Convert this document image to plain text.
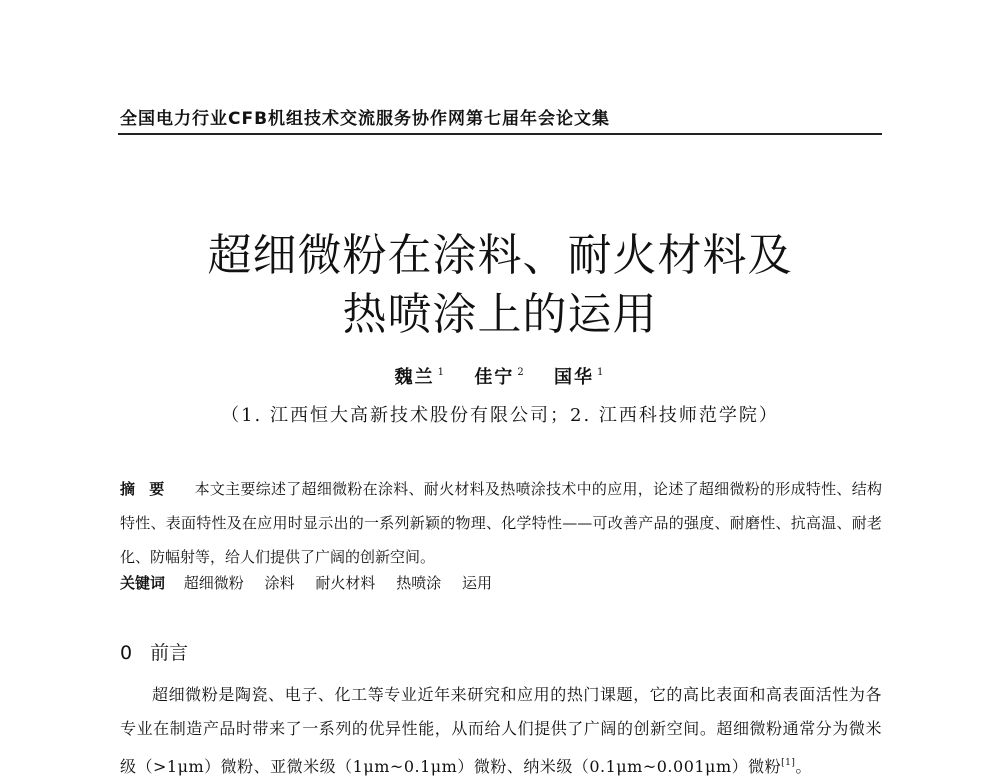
全国电力行业CFB机组技术交流服务协作网第七届年会论文集
超细微粉在涂料、耐火材料及
热喷涂上的运用
魏兰 $^1$ 佳宁 $^2$ 国华 $^1$
（1. 江西恒大高新技术股份有限公司；2. 江西科技师范学院）
摘要 本文主要综述了超细微粉在涂料、耐火材料及热喷涂技术中的应用，论述了超细微粉的形成特性、结构特性、表面特性及在应用时显示出的一系列新颖的物理、化学特性——可改善产品的强度、耐磨性、抗高温、耐老化、防幅射等，给人们提供了广阔的创新空间。
关键词 超细微粉 涂料 耐火材料 热喷涂 运用
0 前言
超细微粉是陶瓷、电子、化工等专业近年来研究和应用的热门课题，它的高比表面和高表面活性为各专业在制造产品时带来了一系列的优异性能，从而给人们提供了广阔的创新空间。超细微粉通常分为微米级（>1μm）微粉、亚微米级（1μm~0.1μm）微粉、纳米级（0.1μm~0.001μm）微粉[1]。
